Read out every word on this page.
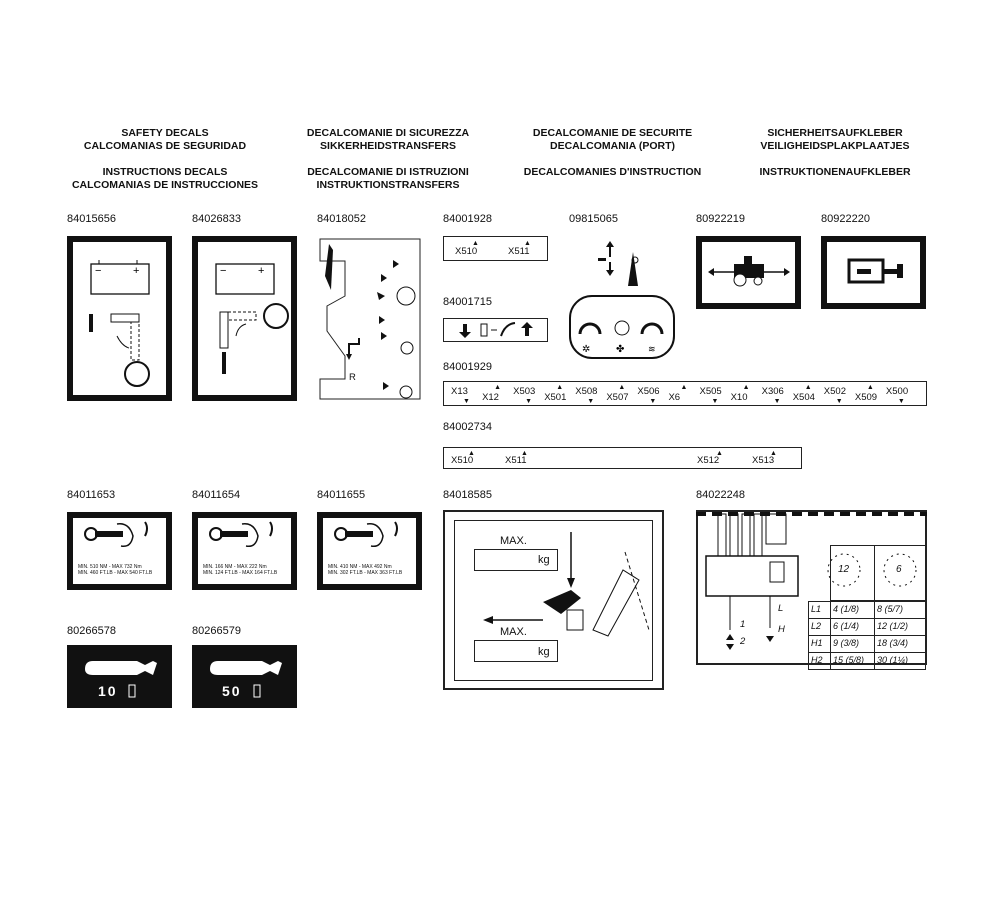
SAFETY DECALS
CALCOMANIAS DE SEGURIDAD
DECALCOMANIE DI SICUREZZA
SIKKERHEIDSTRANSFERS
DECALCOMANIE DE SECURITE
DECALCOMANIA (PORT)
SICHERHEITSAUFKLEBER
VEILIGHEIDSPLAKPLAATJES
INSTRUCTIONS DECALS
CALCOMANIAS DE INSTRUCCIONES
DECALCOMANIE DI ISTRUZIONI
INSTRUKTIONSTRANSFERS
DECALCOMANIES D'INSTRUCTION	INSTRUKTIONENAUFKLEBER
84015656	84026833	84018052	84001928	09815065	80922219	80922220
−	+	−	+
R
X510	X511
▲	▲
✲	✤	≋
84001715
84001929
X13
▼ X12
▲ X503
▼ X501
▲ X508
▼ X507
▲ X506
▼ X6
▲ X505
▼ X10
▲ X306
▼ X504
▲ X502
▼ X509
▲ X500
▼
84002734
X510	X511	X512	X513
▲	▲	▲	▲
84011653	84011654	84011655	84018585	84022248
MIN. 510 NM - MAX 732 Nm
MIN. 460 FT.LB - MAX 540 FT.LB
MIN. 166 NM - MAX 222 Nm
MIN. 124 FT.LB - MAX 164 FT.LB
MIN. 410 NM - MAX 492 Nm
MIN. 302 FT.LB - MAX 363 FT.LB
MAX.
kg
MAX.
kg
L1 4 (1/8) 8 (5/7)
L2 6 (1/4) 12 (1/2)
H1 9 (3/8) 18 (3/4)
H2 15 (5/8) 30 (1¼)
12	6
1
2
L
H
80266578	80266579
10	50
